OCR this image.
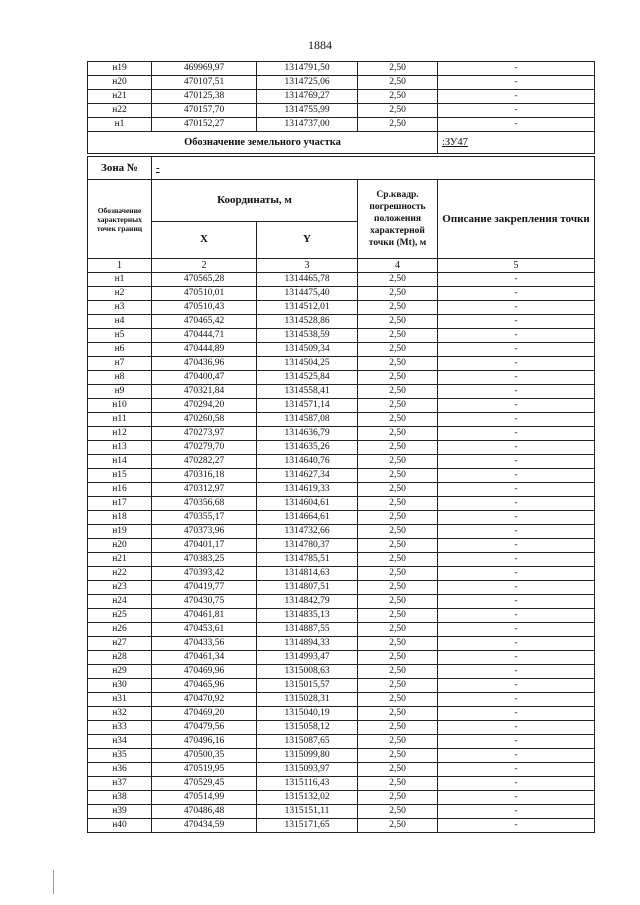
1884
н19	469969,97	1314791,50	2,50	-
н20	470107,51	1314725,06	2,50	-
н21	470125,38	1314769,27	2,50	-
н22	470157,70	1314755,99	2,50	-
н1	470152,27	1314737,00	2,50	-
Обозначение земельного участка				:ЗУ47
Зона №	-			
Обозначение характерных точек границ	Координаты, м		Ср.квадр. погрешность положения характерной точки (Mt), м	Описание закрепления точки
	X	Y		
1	2	3	4	5
н1	470565,28	1314465,78	2,50	-
н2	470510,01	1314475,40	2,50	-
н3	470510,43	1314512,01	2,50	-
н4	470465,42	1314528,86	2,50	-
н5	470444,71	1314538,59	2,50	-
н6	470444,89	1314509,34	2,50	-
н7	470436,96	1314504,25	2,50	-
н8	470400,47	1314525,84	2,50	-
н9	470321,84	1314558,41	2,50	-
н10	470294,20	1314571,14	2,50	-
н11	470260,58	1314587,08	2,50	-
н12	470273,97	1314636,79	2,50	-
н13	470279,70	1314635,26	2,50	-
н14	470282,27	1314640,76	2,50	-
н15	470316,18	1314627,34	2,50	-
н16	470312,97	1314619,33	2,50	-
н17	470356,68	1314604,61	2,50	-
н18	470355,17	1314664,61	2,50	-
н19	470373,96	1314732,66	2,50	-
н20	470401,17	1314780,37	2,50	-
н21	470383,25	1314785,51	2,50	-
н22	470393,42	1314814,63	2,50	-
н23	470419,77	1314807,51	2,50	-
н24	470430,75	1314842,79	2,50	-
н25	470461,81	1314835,13	2,50	-
н26	470453,61	1314887,55	2,50	-
н27	470433,56	1314894,33	2,50	-
н28	470461,34	1314993,47	2,50	-
н29	470469,96	1315008,63	2,50	-
н30	470465,96	1315015,57	2,50	-
н31	470470,92	1315028,31	2,50	-
н32	470469,20	1315040,19	2,50	-
н33	470479,56	1315058,12	2,50	-
н34	470496,16	1315087,65	2,50	-
н35	470500,35	1315099,80	2,50	-
н36	470519,95	1315093,97	2,50	-
н37	470529,45	1315116,43	2,50	-
н38	470514,99	1315132,02	2,50	-
н39	470486,48	1315151,11	2,50	-
н40	470434,59	1315171,65	2,50	-
